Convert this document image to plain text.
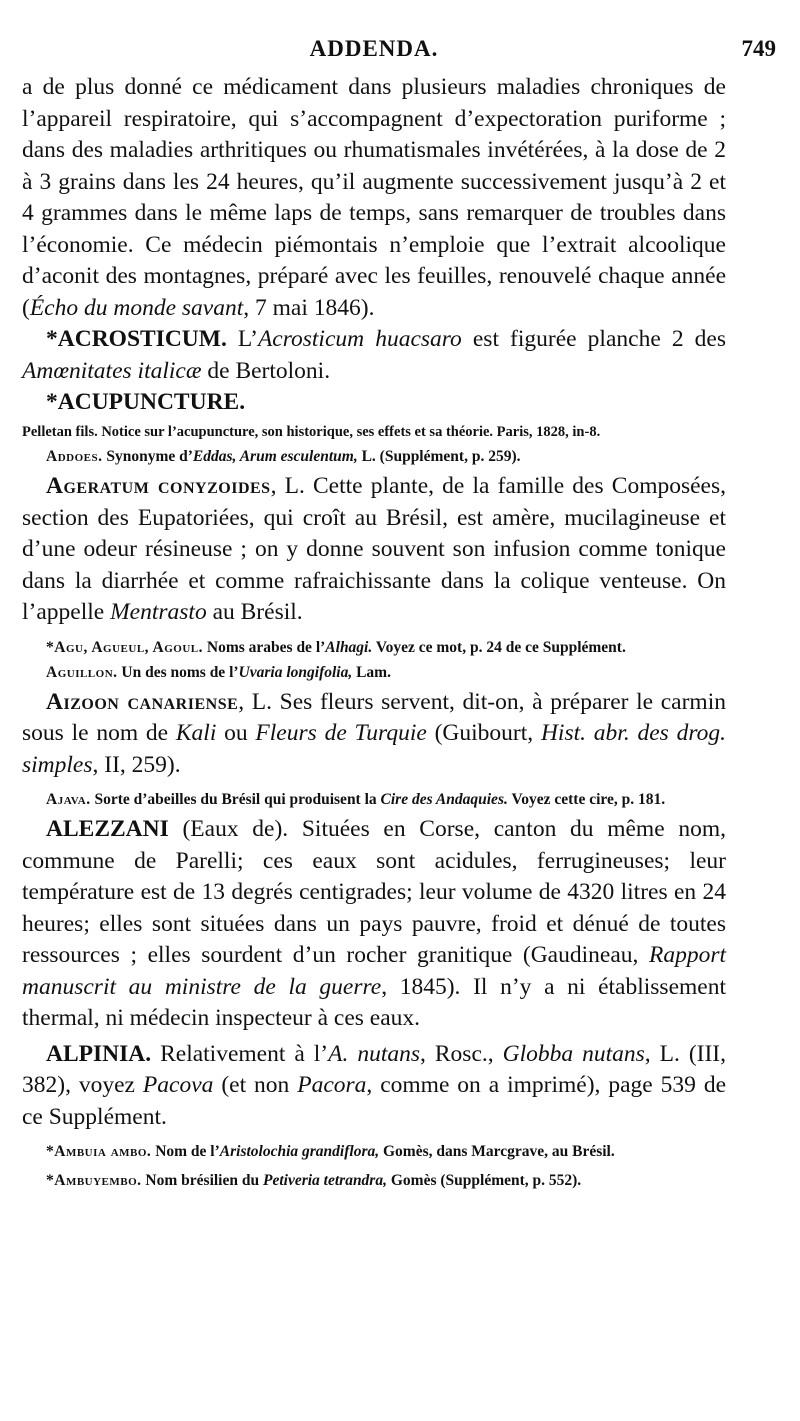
ADDENDA.	749

a de plus donné ce médicament dans plusieurs maladies chroniques de l’appareil respiratoire, qui s’accompagnent d’expectoration puriforme ; dans des maladies arthritiques ou rhumatismales invétérées, à la dose de 2 à 3 grains dans les 24 heures, qu’il augmente successivement jusqu’à 2 et 4 grammes dans le même laps de temps, sans remarquer de troubles dans l’économie. Ce médecin piémontais n’emploie que l’extrait alcoolique d’aconit des montagnes, préparé avec les feuilles, renouvelé chaque année (Écho du monde savant, 7 mai 1846).

*ACROSTICUM. L’Acrosticum huacsaro est figurée planche 2 des Amœnitates italicæ de Bertoloni.

*ACUPUNCTURE.

Pelletan fils. Notice sur l’acupuncture, son historique, ses effets et sa théorie. Paris, 1828, in-8.

Addoes. Synonyme d’Eddas, Arum esculentum, L. (Supplément, p. 259).

Ageratum conyzoides, L. Cette plante, de la famille des Composées, section des Eupatoriées, qui croît au Brésil, est amère, mucilagineuse et d’une odeur résineuse ; on y donne souvent son infusion comme tonique dans la diarrhée et comme rafraichissante dans la colique venteuse. On l’appelle Mentrasto au Brésil.

*Agu, Agueul, Agoul. Noms arabes de l’Alhagi. Voyez ce mot, p. 24 de ce Supplément.

Aguillon. Un des noms de l’Uvaria longifolia, Lam.

Aizoon canariense, L. Ses fleurs servent, dit-on, à préparer le carmin sous le nom de Kali ou Fleurs de Turquie (Guibourt, Hist. abr. des drog. simples, II, 259).

Ajava. Sorte d’abeilles du Brésil qui produisent la Cire des Andaquies. Voyez cette cire, p. 181.

ALEZZANI (Eaux de). Situées en Corse, canton du même nom, commune de Parelli; ces eaux sont acidules, ferrugineuses; leur température est de 13 degrés centigrades; leur volume de 4320 litres en 24 heures; elles sont situées dans un pays pauvre, froid et dénué de toutes ressources ; elles sourdent d’un rocher granitique (Gaudineau, Rapport manuscrit au ministre de la guerre, 1845). Il n’y a ni établissement thermal, ni médecin inspecteur à ces eaux.

ALPINIA. Relativement à l’A. nutans, Rosc., Globba nutans, L. (III, 382), voyez Pacova (et non Pacora, comme on a imprimé), page 539 de ce Supplément.

*Ambuia ambo. Nom de l’Aristolochia grandiflora, Gomès, dans Marcgrave, au Brésil.

*Ambuyembo. Nom brésilien du Petiveria tetrandra, Gomès (Supplément, p. 552).
